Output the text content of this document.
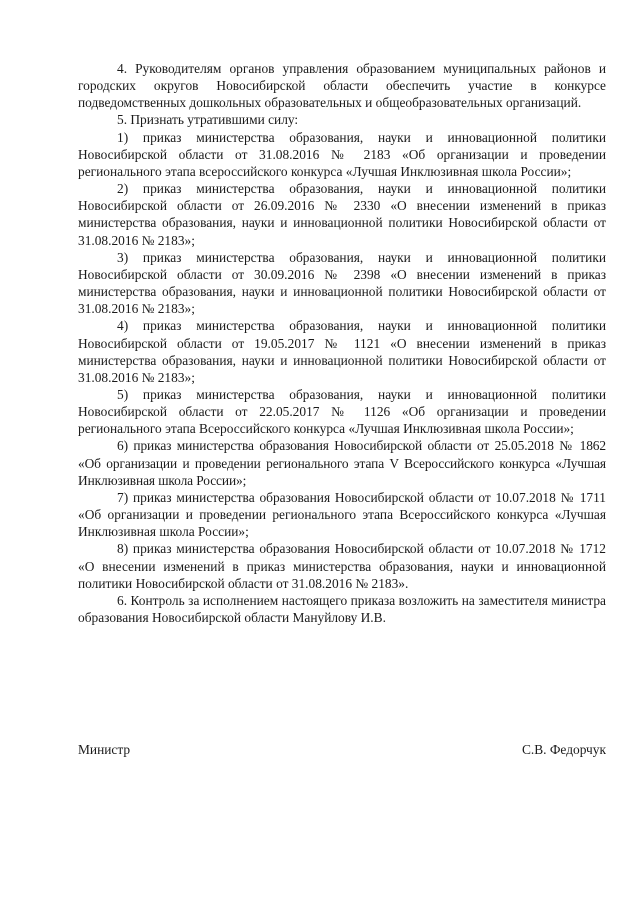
4. Руководителям органов управления образованием муниципальных районов и городских округов Новосибирской области обеспечить участие в конкурсе подведомственных дошкольных образовательных и общеобразовательных организаций.

5. Признать утратившими силу:

1) приказ министерства образования, науки и инновационной политики Новосибирской области от 31.08.2016 № 2183 «Об организации и проведении регионального этапа всероссийского конкурса «Лучшая Инклюзивная школа России»;

2) приказ министерства образования, науки и инновационной политики Новосибирской области от 26.09.2016 № 2330 «О внесении изменений в приказ министерства образования, науки и инновационной политики Новосибирской области от 31.08.2016 № 2183»;

3) приказ министерства образования, науки и инновационной политики Новосибирской области от 30.09.2016 № 2398 «О внесении изменений в приказ министерства образования, науки и инновационной политики Новосибирской области от 31.08.2016 № 2183»;

4) приказ министерства образования, науки и инновационной политики Новосибирской области от 19.05.2017 № 1121 «О внесении изменений в приказ министерства образования, науки и инновационной политики Новосибирской области от 31.08.2016 № 2183»;

5) приказ министерства образования, науки и инновационной политики Новосибирской области от 22.05.2017 № 1126 «Об организации и проведении регионального этапа Всероссийского конкурса «Лучшая Инклюзивная школа России»;

6) приказ министерства образования Новосибирской области от 25.05.2018 № 1862 «Об организации и проведении регионального этапа V Всероссийского конкурса «Лучшая Инклюзивная школа России»;

7) приказ министерства образования Новосибирской области от 10.07.2018 № 1711 «Об организации и проведении регионального этапа Всероссийского конкурса «Лучшая Инклюзивная школа России»;

8) приказ министерства образования Новосибирской области от 10.07.2018 № 1712 «О внесении изменений в приказ министерства образования, науки и инновационной политики Новосибирской области от 31.08.2016 № 2183».

6. Контроль за исполнением настоящего приказа возложить на заместителя министра образования Новосибирской области Мануйлову И.В.

Министр	С.В. Федорчук
